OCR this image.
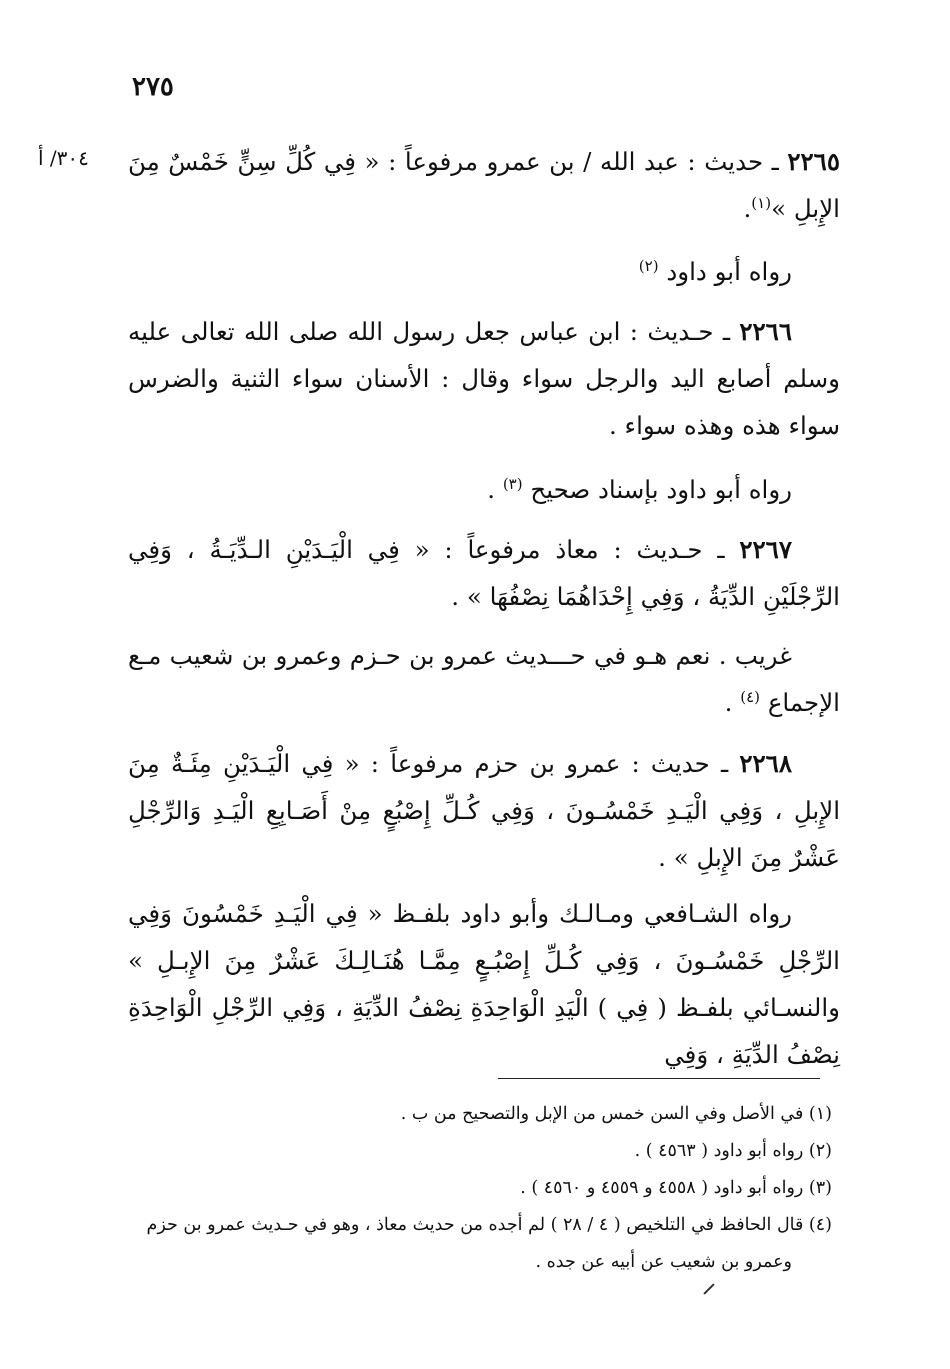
٢٧٥
٣٠٤/ أ	٢٢٦٥ ـ حديث : عبد الله / بن عمرو مرفوعاً : « فِي كُلِّ سِنٍّ خَمْسٌ مِنَ الإِبلِ »$^{(١)}$.
رواه أبو داود $^{(٢)}$
٢٢٦٦ ـ حـديث : ابن عباس جعل رسول الله صلى الله تعالى عليه وسلم أصابع اليد والرجل سواء وقال : الأسنان سواء الثنية والضرس سواء هذه وهذه سواء .
رواه أبو داود بإسناد صحيح $^{(٣)}$ .
٢٢٦٧ ـ حـديث : معاذ مرفوعاً : « فِي الْيَـدَيْنِ الـدِّيَـةُ ، وَفِي الرِّجْلَيْنِ الدِّيَةُ ، وَفِي إِحْدَاهُمَا نِصْفُهَا » .
غريب . نعم هـو في حـــديث عمرو بن حـزم وعمرو بن شعيب مـع الإجماع $^{(٤)}$ .
٢٢٦٨ ـ حديث : عمرو بن حزم مرفوعاً : « فِي الْيَـدَيْنِ مِئَـةٌ مِنَ الإِبلِ ، وَفِي الْيَـدِ خَمْسُـونَ ، وَفِي كُـلِّ إِصْبُعٍ مِنْ أَصَـابِعِ الْيَـدِ وَالرِّجْلِ عَشْرٌ مِنَ الإِبلِ » .
رواه الشـافعي ومـالـك وأبو داود بلفـظ « فِي الْيَـدِ خَمْسُونَ وَفِي الرِّجْلِ خَمْسُـونَ ، وَفِي كُـلِّ إِصْبُـعٍ مِمَّـا هُنَـالِـكَ عَشْرٌ مِنَ الإِبـلِ » والنسـائي بلفـظ ( فِي ) الْيَدِ الْوَاحِدَةِ نِصْفُ الدِّيَةِ ، وَفِي الرِّجْلِ الْوَاحِدَةِ نِصْفُ الدِّيَةِ ، وَفِي
(١) في الأصل وفي السن خمس من الإبل والتصحيح من ب .
(٢) رواه أبو داود ( ٤٥٦٣ ) .
(٣) رواه أبو داود ( ٤٥٥٨ و ٤٥٥٩ و ٤٥٦٠ ) .
(٤) قال الحافظ في التلخيص ( ٤ / ٢٨ ) لم أجده من حديث معاذ ، وهو في حـديث عمرو بن حزم
وعمرو بن شعيب عن أبيه عن جده .
